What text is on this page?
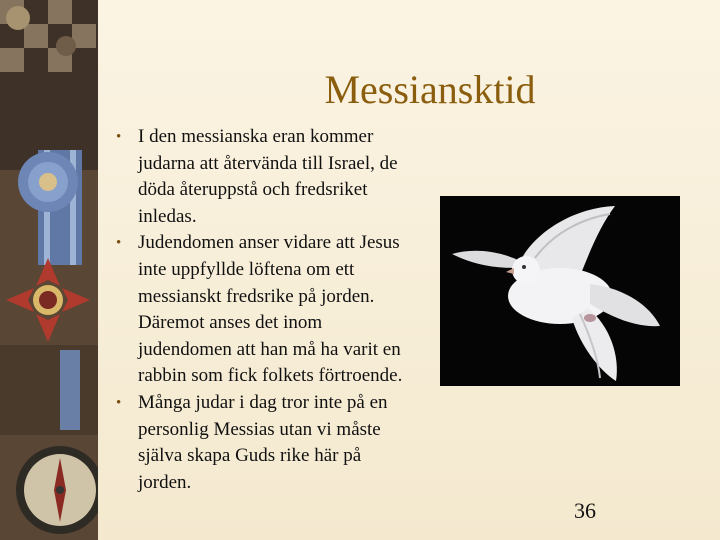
Messiansktid
• I den messianska eran kommer judarna att återvända till Israel, de döda återuppstå och fredsriket inledas.
• Judendomen anser vidare att Jesus inte uppfyllde löftena om ett messianskt fredsrike på jorden. Däremot anses det inom judendomen att han må ha varit en rabbin som fick folkets förtroende.
• Många judar i dag tror inte på en personlig Messias utan vi måste själva skapa Guds rike här på jorden.
36
